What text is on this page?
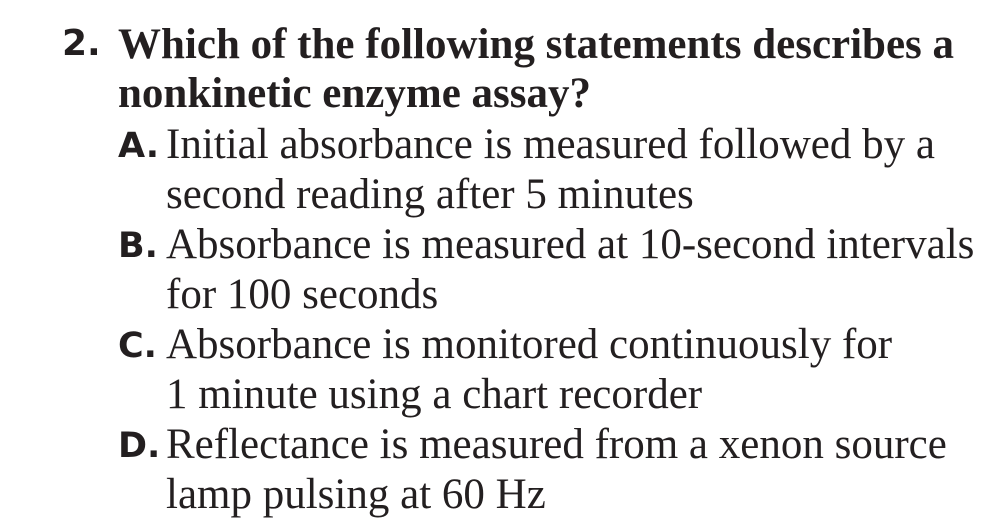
2. Which of the following statements describes a nonkinetic enzyme assay?
A. Initial absorbance is measured followed by a
second reading after 5 minutes
B. Absorbance is measured at 10-second intervals
for 100 seconds
C. Absorbance is monitored continuously for
1 minute using a chart recorder
D. Reflectance is measured from a xenon source
lamp pulsing at 60 Hz
